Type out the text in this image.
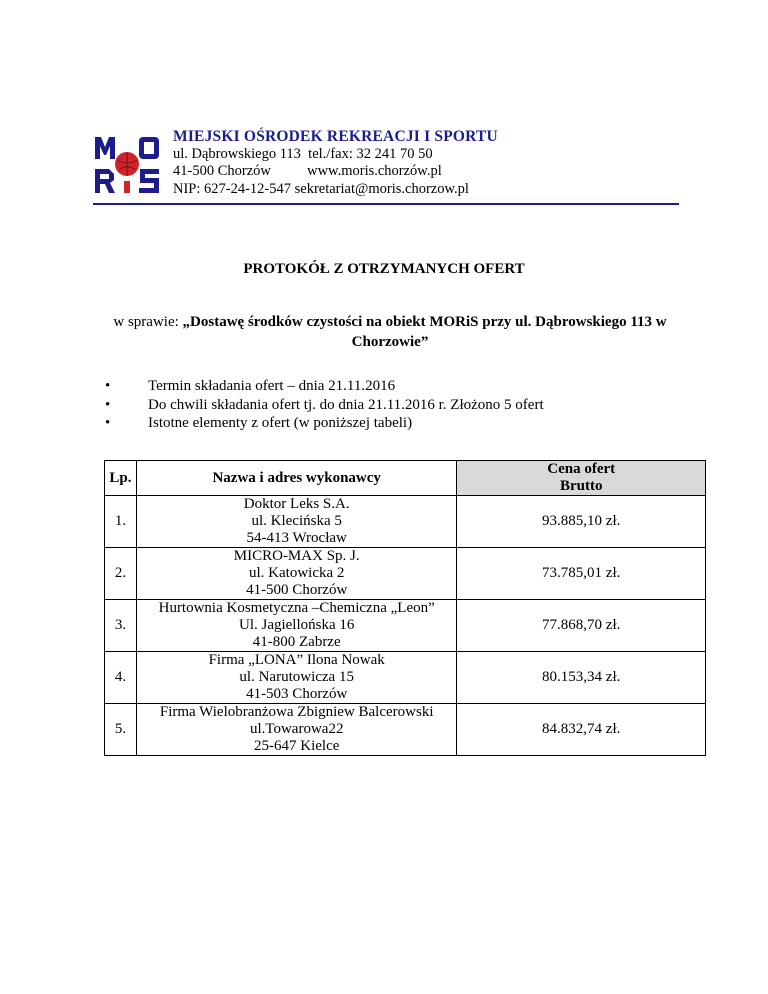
MIEJSKI OŚRODEK REKREACJI I SPORTU
ul. Dąbrowskiego 113  tel./fax: 32 241 70 50
41-500 Chorzów          www.moris.chorzów.pl
NIP: 627-24-12-547 sekretariat@moris.chorzow.pl
PROTOKÓŁ Z OTRZYMANYCH OFERT
w sprawie: „Dostawę środków czystości na obiekt MORiS przy ul. Dąbrowskiego 113 w Chorzowie”
• Termin składania ofert – dnia 21.11.2016
• Do chwili składania ofert tj. do dnia 21.11.2016 r. Złożono 5 ofert
• Istotne elementy z ofert (w poniższej tabeli)
Lp.	Nazwa i adres wykonawcy	Cena ofert
Brutto
1.	Doktor Leks S.A.
ul. Klecińska 5
54-413 Wrocław	93.885,10 zł.
2.	MICRO-MAX Sp. J.
ul. Katowicka 2
41-500 Chorzów	73.785,01 zł.
3.	Hurtownia Kosmetyczna –Chemiczna „Leon”
Ul. Jagiellońska 16
41-800 Zabrze	77.868,70 zł.
4.	Firma „LONA” Ilona Nowak
ul. Narutowicza 15
41-503 Chorzów	80.153,34 zł.
5.	Firma Wielobranżowa Zbigniew Balcerowski
ul.Towarowa22
25-647 Kielce	84.832,74 zł.
